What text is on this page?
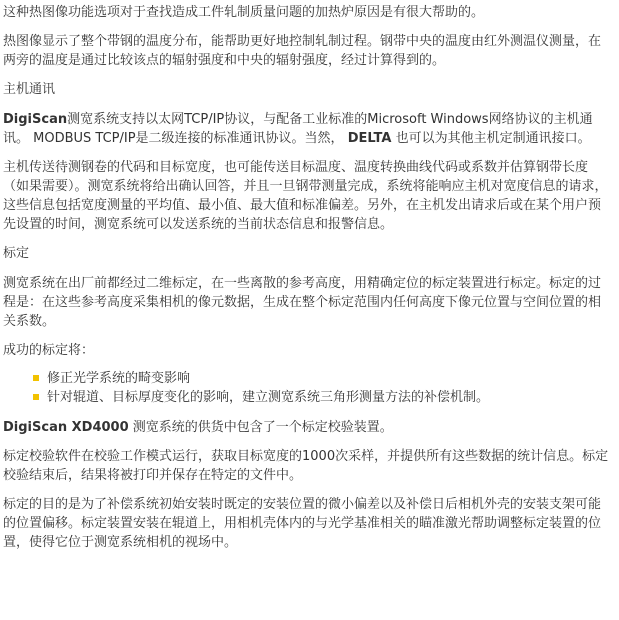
这种热图像功能选项对于查找造成工件轧制质量问题的加热炉原因是有很大帮助的。

热图像显示了整个带钢的温度分布，能帮助更好地控制轧制过程。钢带中央的温度由红外测温仪测量，在两旁的温度是通过比较该点的辐射强度和中央的辐射强度，经过计算得到的。

主机通讯

DigiScan测宽系统支持以太网TCP/IP协议，与配备工业标准的Microsoft Windows网络协议的主机通讯。 MODBUS TCP/IP是二级连接的标准通讯协议。当然， DELTA 也可以为其他主机定制通讯接口。

主机传送待测钢卷的代码和目标宽度，也可能传送目标温度、温度转换曲线代码或系数并估算钢带长度（如果需要）。测宽系统将给出确认回答，并且一旦钢带测量完成，系统将能响应主机对宽度信息的请求，这些信息包括宽度测量的平均值、最小值、最大值和标准偏差。另外，在主机发出请求后或在某个用户预先设置的时间，测宽系统可以发送系统的当前状态信息和报警信息。

标定

测宽系统在出厂前都经过二维标定，在一些离散的参考高度，用精确定位的标定装置进行标定。标定的过程是：在这些参考高度采集相机的像元数据，生成在整个标定范围内任何高度下像元位置与空间位置的相关系数。

成功的标定将：

修正光学系统的畸变影响
针对辊道、目标厚度变化的影响，建立测宽系统三角形测量方法的补偿机制。

DigiScan XD4000 测宽系统的供货中包含了一个标定校验装置。

标定校验软件在校验工作模式运行，获取目标宽度的1000次采样，并提供所有这些数据的统计信息。标定校验结束后，结果将被打印并保存在特定的文件中。

标定的目的是为了补偿系统初始安装时既定的安装位置的微小偏差以及补偿日后相机外壳的安装支架可能的位置偏移。标定装置安装在辊道上，用相机壳体内的与光学基准相关的瞄准激光帮助调整标定装置的位置，使得它位于测宽系统相机的视场中。
